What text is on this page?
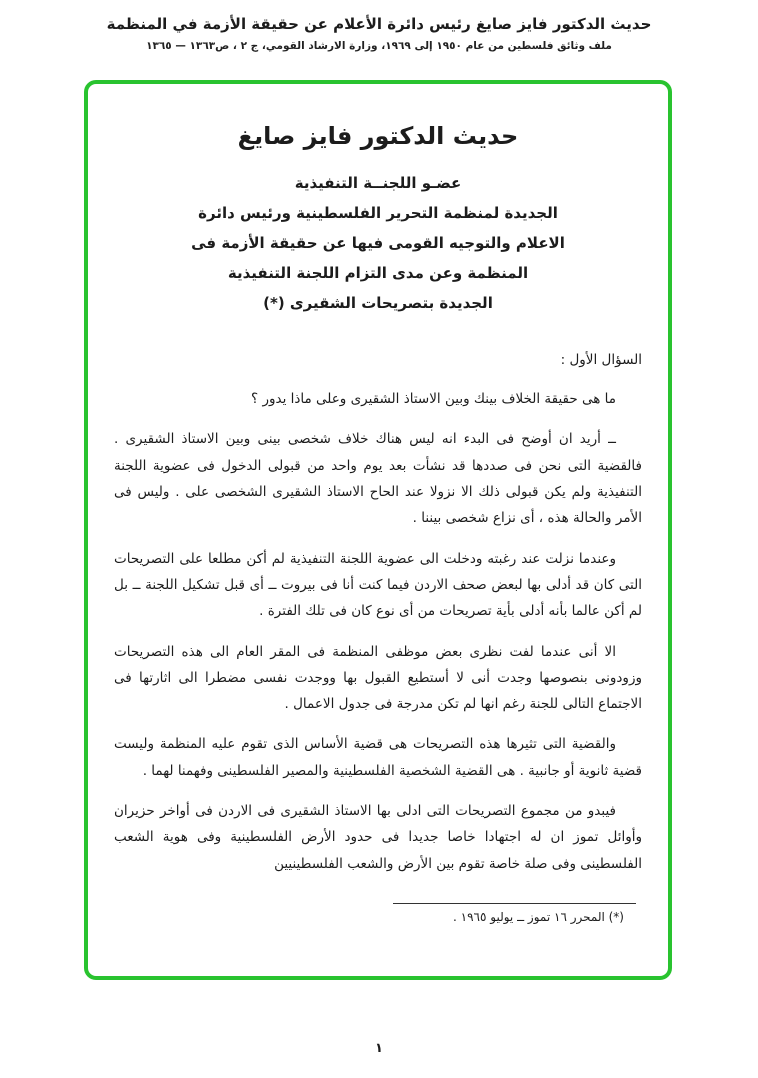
حديث الدكتور فايز صايغ رئيس دائرة الأعلام عن حقيقة الأزمة في المنظمة
ملف وثائق فلسطين من عام ١٩٥٠ إلى ١٩٦٩، وزارة الارشاد القومي، ج ٢ ، ص١٣٦٣ — ١٣٦٥
حديث الدكتور فايز صايغ
عضـو اللجنــة التنفيذية
الجديدة لمنظمة التحرير الفلسطينية ورئيس دائرة
الاعلام والتوجيه القومى فيها عن حقيقة الأزمة فى
المنظمة وعن مدى التزام اللجنة التنفيذية
الجديدة بتصريحات الشقيرى (*)

السؤال الأول :

ما هى حقيقة الخلاف بينك وبين الاستاذ الشقيرى وعلى ماذا يدور ؟

ــ أريد ان أوضح فى البدء انه ليس هناك خلاف شخصى بينى وبين الاستاذ الشقيرى . فالقضية التى نحن فى صددها قد نشأت بعد يوم واحد من قبولى الدخول فى عضوية اللجنة التنفيذية ولم يكن قبولى ذلك الا نزولا عند الحاح الاستاذ الشقيرى الشخصى على . وليس فى الأمر والحالة هذه ، أى نزاع شخصى بيننا .

وعندما نزلت عند رغبته ودخلت الى عضوية اللجنة التنفيذية لم أكن مطلعا على التصريحات التى كان قد أدلى بها لبعض صحف الاردن فيما كنت أنا فى بيروت ــ أى قبل تشكيل اللجنة ــ بل لم أكن عالما بأنه أدلى بأية تصريحات من أى نوع كان فى تلك الفترة .

الا أنى عندما لفت نظرى بعض موظفى المنظمة فى المقر العام الى هذه التصريحات وزودونى بنصوصها وجدت أنى لا أستطيع القبول بها ووجدت نفسى مضطرا الى اثارتها فى الاجتماع التالى للجنة رغم انها لم تكن مدرجة فى جدول الاعمال .

والقضية التى تثيرها هذه التصريحات هى قضية الأساس الذى تقوم عليه المنظمة وليست قضية ثانوية أو جانبية . هى القضية الشخصية الفلسطينية والمصير الفلسطينى وفهمنا لهما .

فيبدو من مجموع التصريحات التى ادلى بها الاستاذ الشقيرى فى الاردن فى أواخر حزيران وأوائل تموز ان له اجتهادا خاصا جديدا فى حدود الأرض الفلسطينية وفى هوية الشعب الفلسطينى وفى صلة خاصة تقوم بين الأرض والشعب الفلسطينيين

(*) المحرر ١٦ تموز ــ يوليو ١٩٦٥ .
١
